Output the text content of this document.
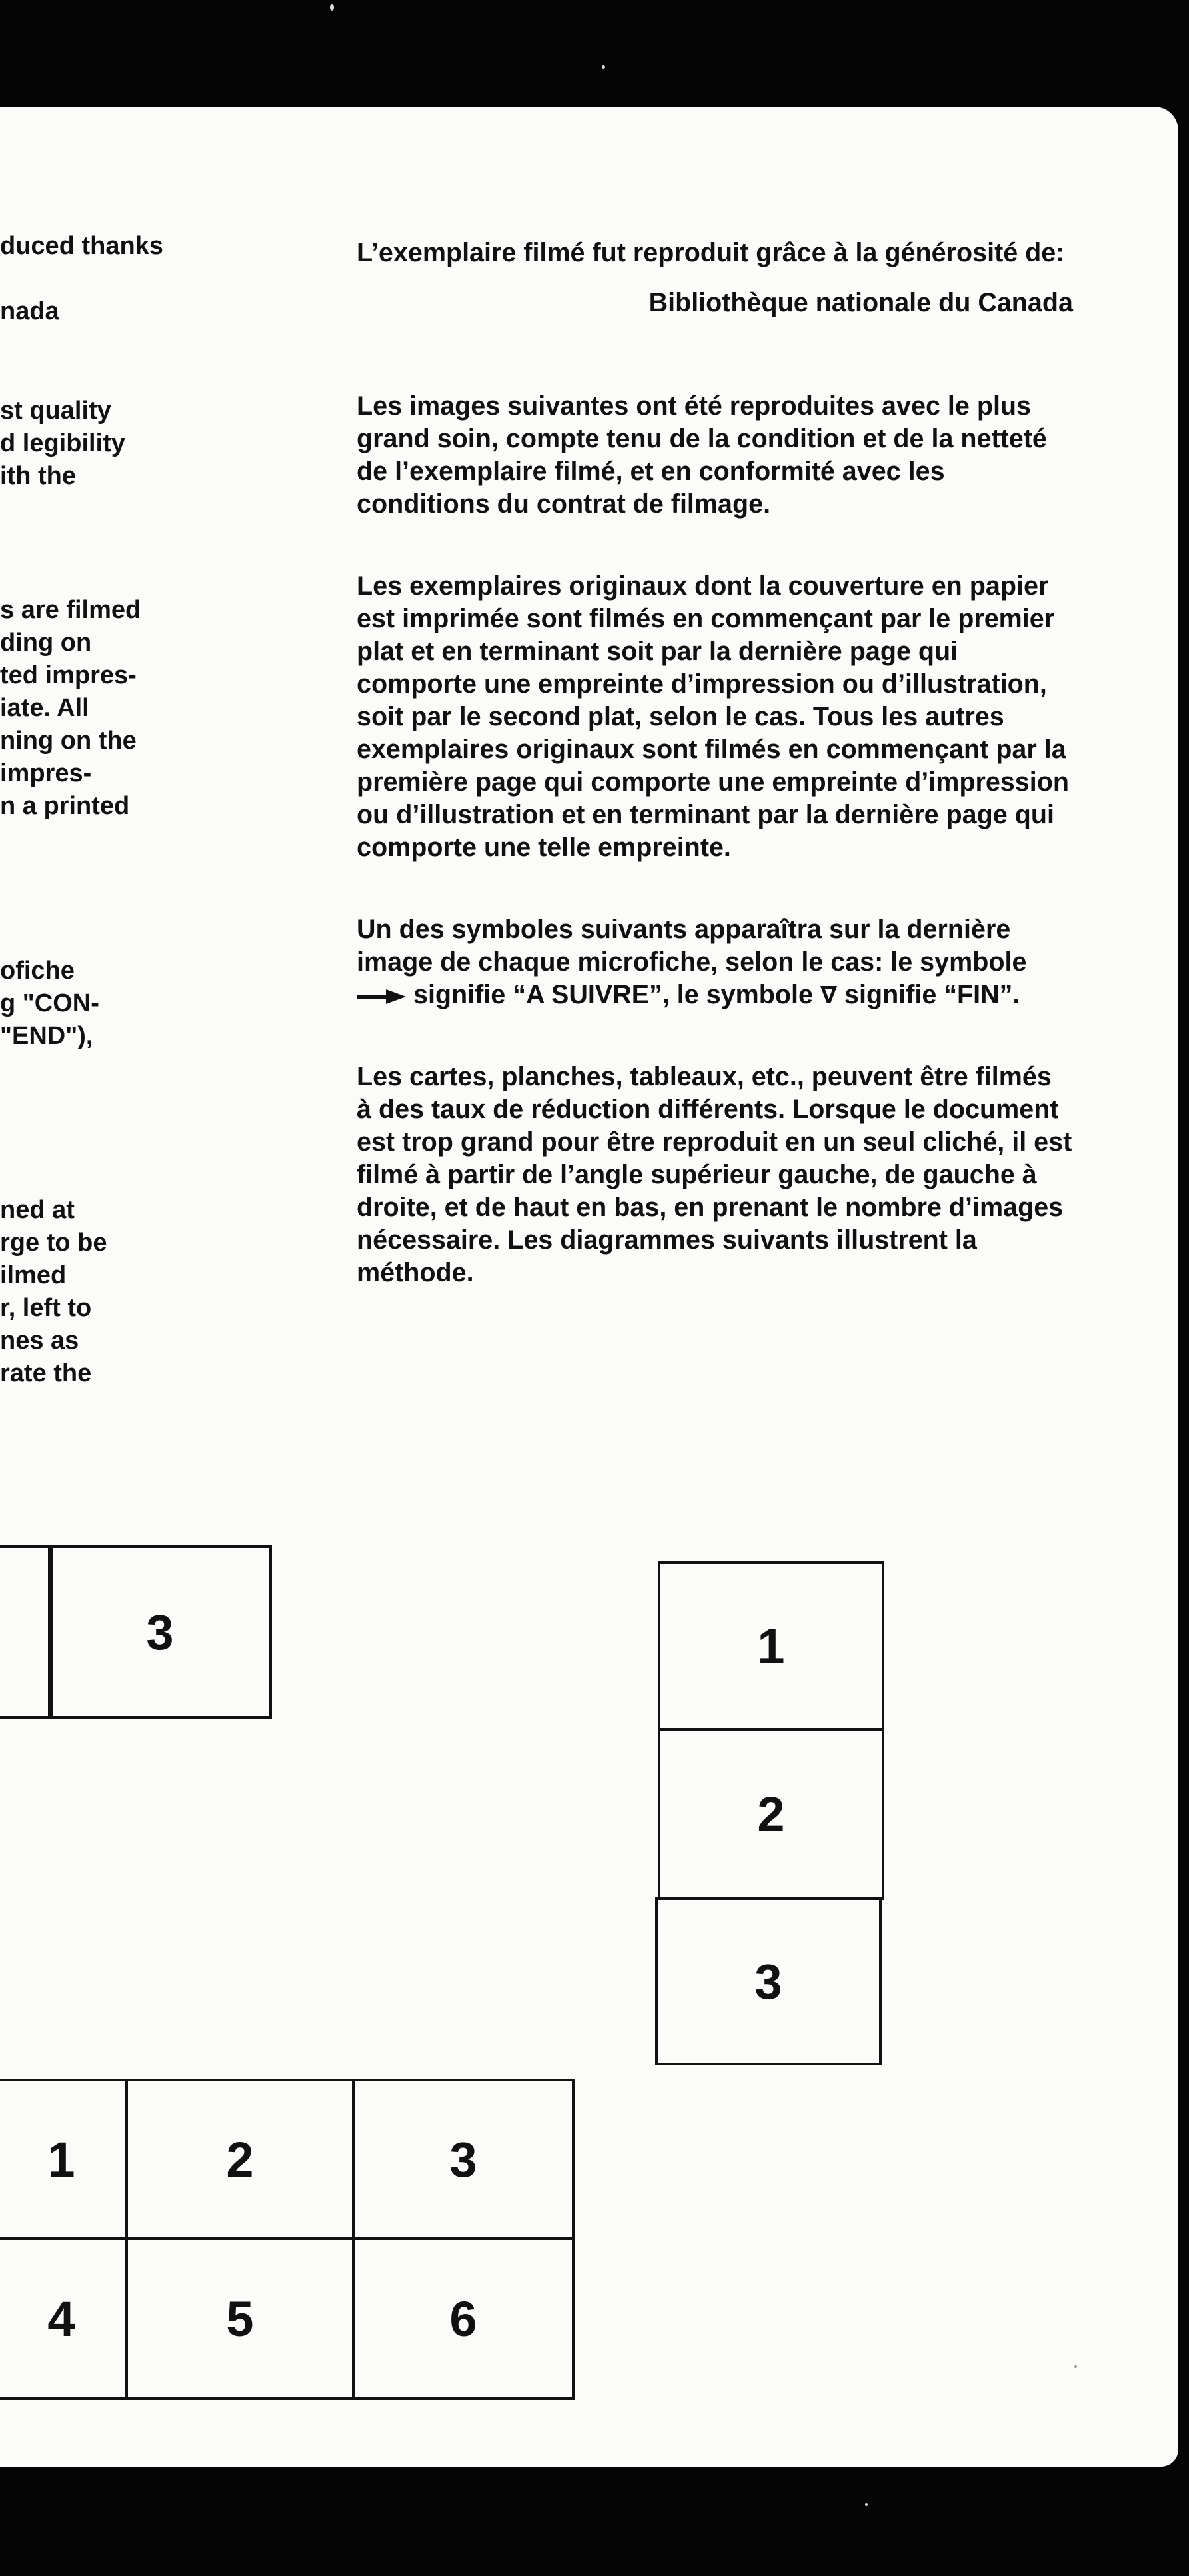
duced thanks

nada

st quality

d legibility

ith the

s are filmed

ding on

ted impres-

iate. All

ning on the

impres-

n a printed

ofiche

g "CON-

"END"),

ned at

rge to be

ilmed

r, left to

nes as

rate the

L’exemplaire filmé fut reproduit grâce à la générosité de:

Bibliothèque nationale du Canada

Les images suivantes ont été reproduites avec le plus grand soin, compte tenu de la condition et de la netteté de l’exemplaire filmé, et en conformité avec les conditions du contrat de filmage.

Les exemplaires originaux dont la couverture en papier est imprimée sont filmés en commençant par le premier plat et en terminant soit par la dernière page qui comporte une empreinte d’impression ou d’illustration, soit par le second plat, selon le cas. Tous les autres exemplaires originaux sont filmés en commençant par la première page qui comporte une empreinte d’impression ou d’illustration et en terminant par la dernière page qui comporte une telle empreinte.

Un des symboles suivants apparaîtra sur la dernière image de chaque microfiche, selon le cas: le symbole  signifie “A SUIVRE”, le symbole ∇ signifie “FIN”.

Les cartes, planches, tableaux, etc., peuvent être filmés à des taux de réduction différents. Lorsque le document est trop grand pour être reproduit en un seul cliché, il est filmé à partir de l’angle supérieur gauche, de gauche à droite, et de haut en bas, en prenant le nombre d’images nécessaire. Les diagrammes suivants illustrent la méthode.

3	1
2
3
1	2	3
4	5	6
